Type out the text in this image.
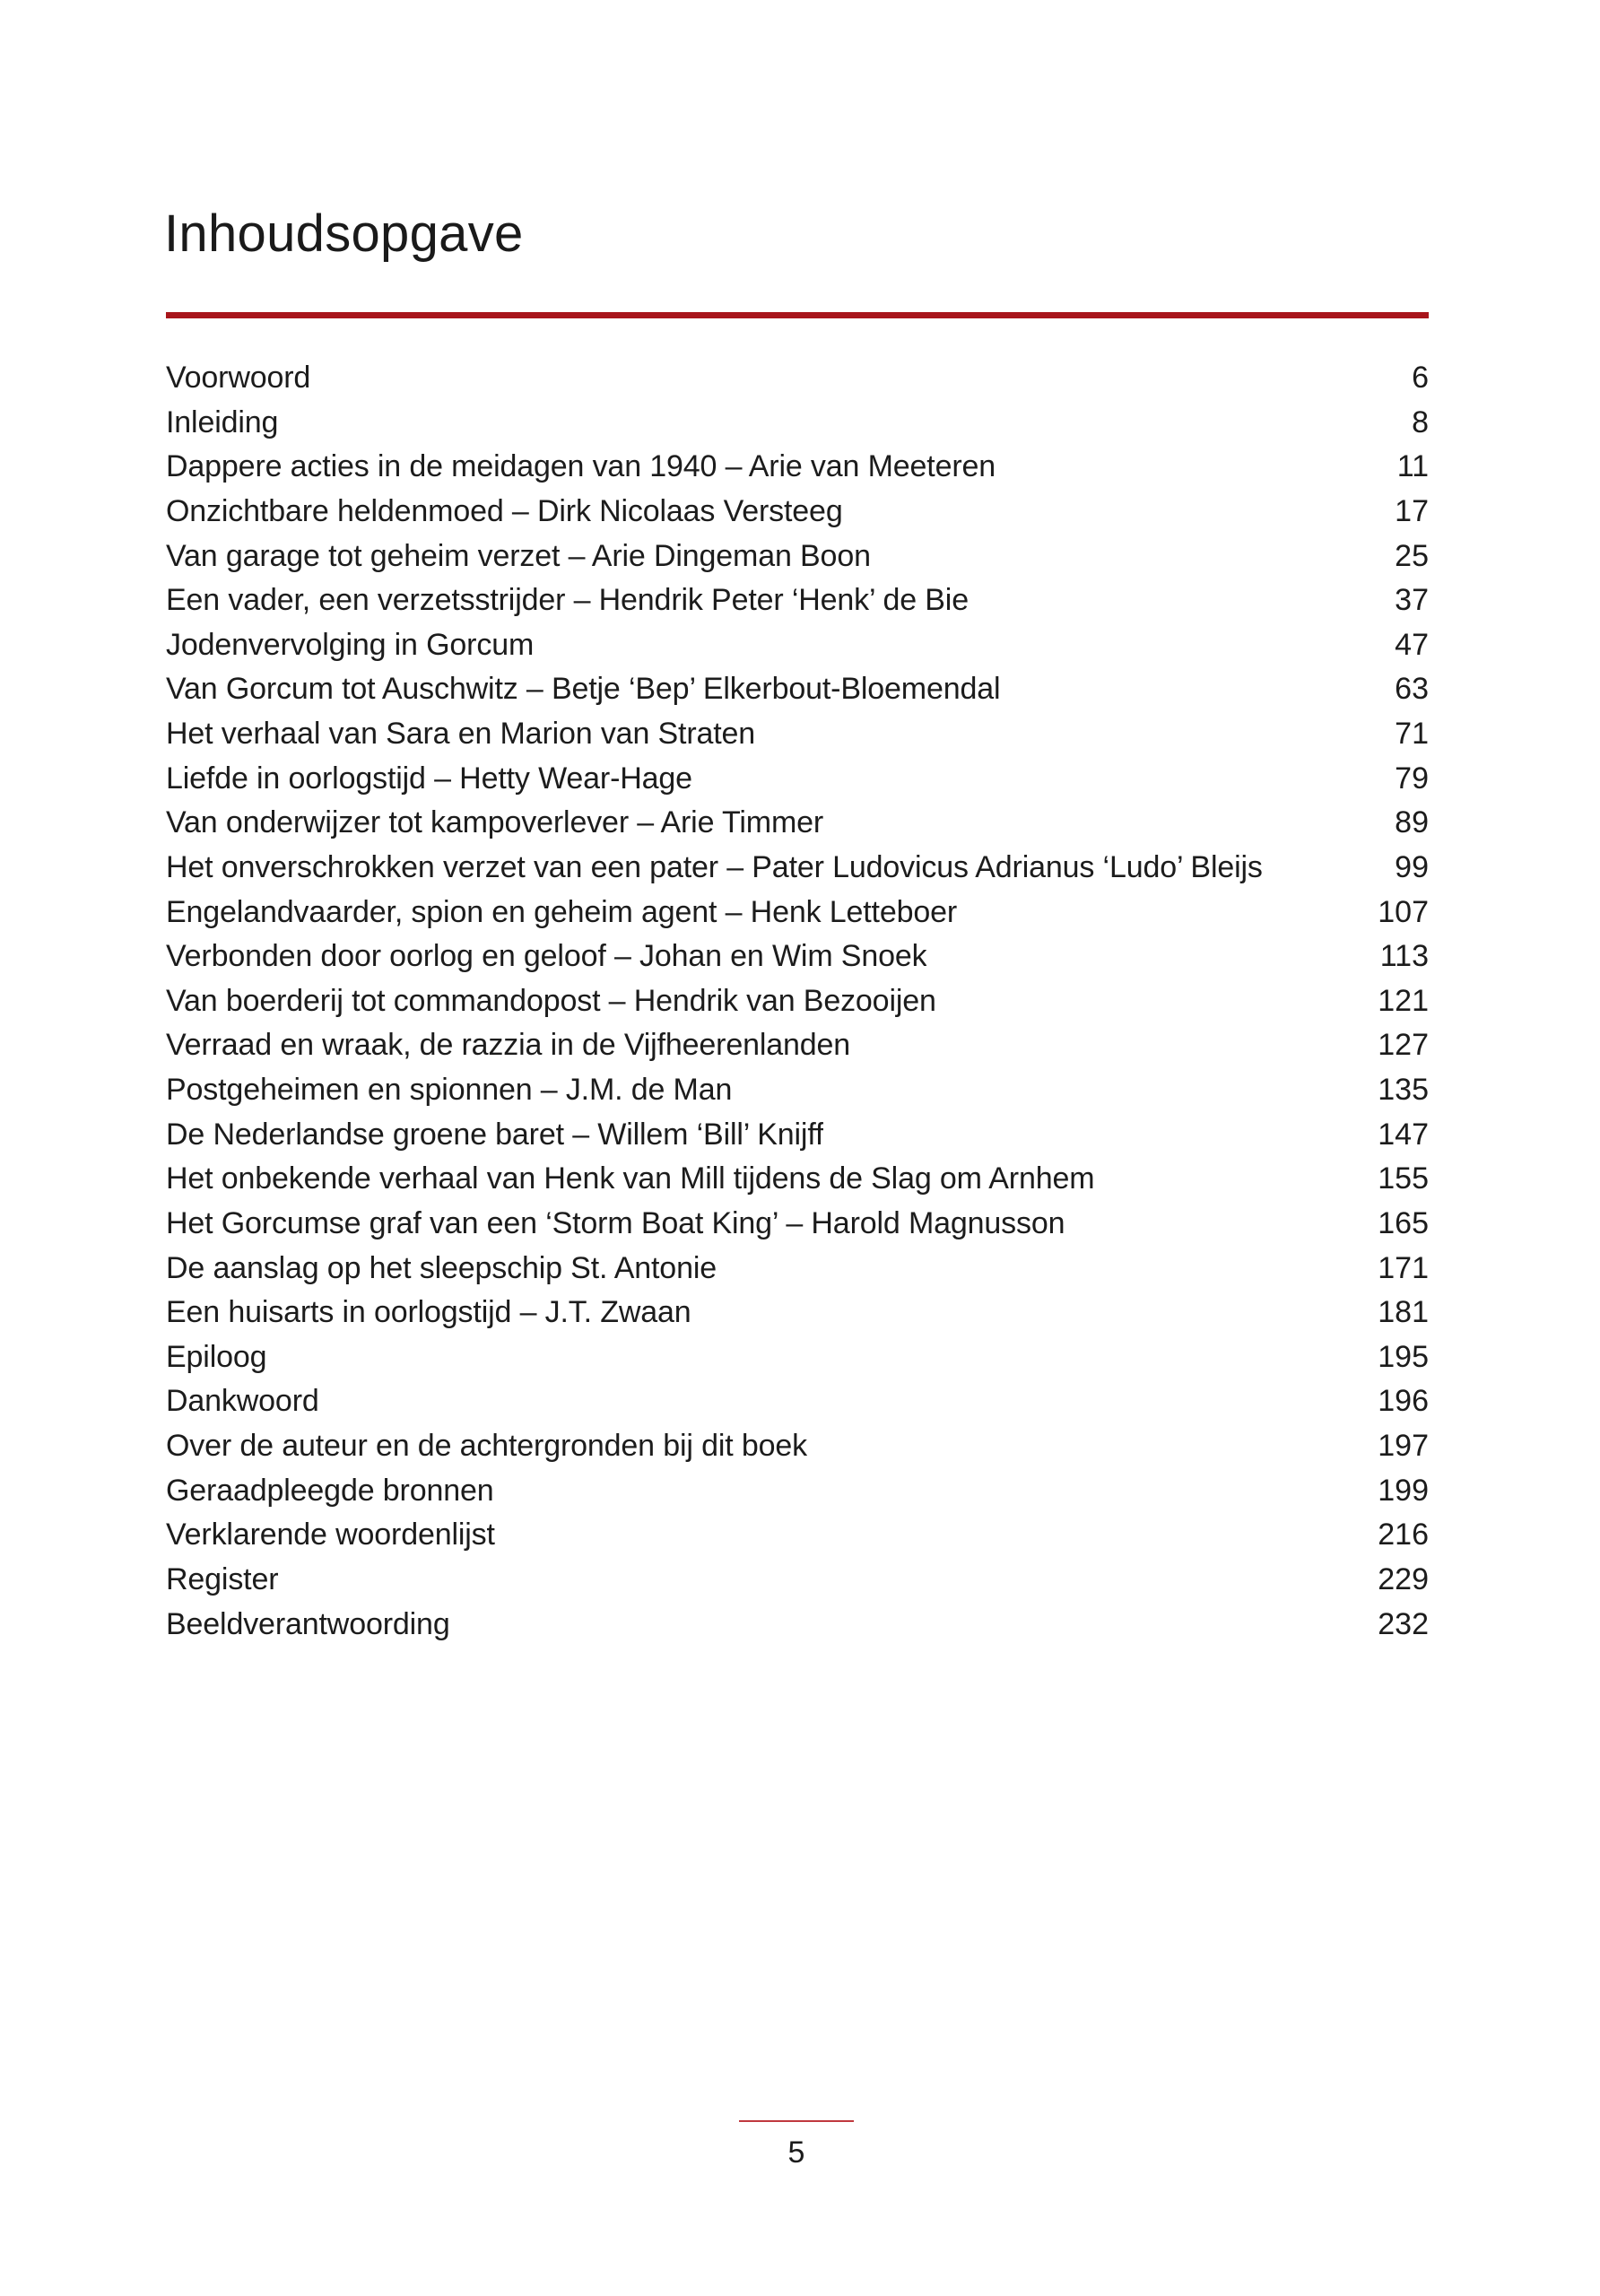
Inhoudsopgave
Voorwoord	6
Inleiding	8
Dappere acties in de meidagen van 1940 – Arie van Meeteren	11
Onzichtbare heldenmoed – Dirk Nicolaas Versteeg	17
Van garage tot geheim verzet – Arie Dingeman Boon	25
Een vader, een verzetsstrijder – Hendrik Peter ‘Henk’ de Bie	37
Jodenvervolging in Gorcum	47
Van Gorcum tot Auschwitz – Betje ‘Bep’ Elkerbout-Bloemendal	63
Het verhaal van Sara en Marion van Straten	71
Liefde in oorlogstijd – Hetty Wear-Hage	79
Van onderwijzer tot kampoverlever – Arie Timmer	89
Het onverschrokken verzet van een pater – Pater Ludovicus Adrianus ‘Ludo’ Bleijs	99
Engelandvaarder, spion en geheim agent – Henk Letteboer	107
Verbonden door oorlog en geloof – Johan en Wim Snoek	113
Van boerderij tot commandopost – Hendrik van Bezooijen	121
Verraad en wraak, de razzia in de Vijfheerenlanden	127
Postgeheimen en spionnen – J.M. de Man	135
De Nederlandse groene baret – Willem ‘Bill’ Knijff	147
Het onbekende verhaal van Henk van Mill tijdens de Slag om Arnhem	155
Het Gorcumse graf van een ‘Storm Boat King’ – Harold Magnusson	165
De aanslag op het sleepschip St. Antonie	171
Een huisarts in oorlogstijd – J.T. Zwaan	181
Epiloog	195
Dankwoord	196
Over de auteur en de achtergronden bij dit boek	197
Geraadpleegde bronnen	199
Verklarende woordenlijst	216
Register	229
Beeldverantwoording	232
5
